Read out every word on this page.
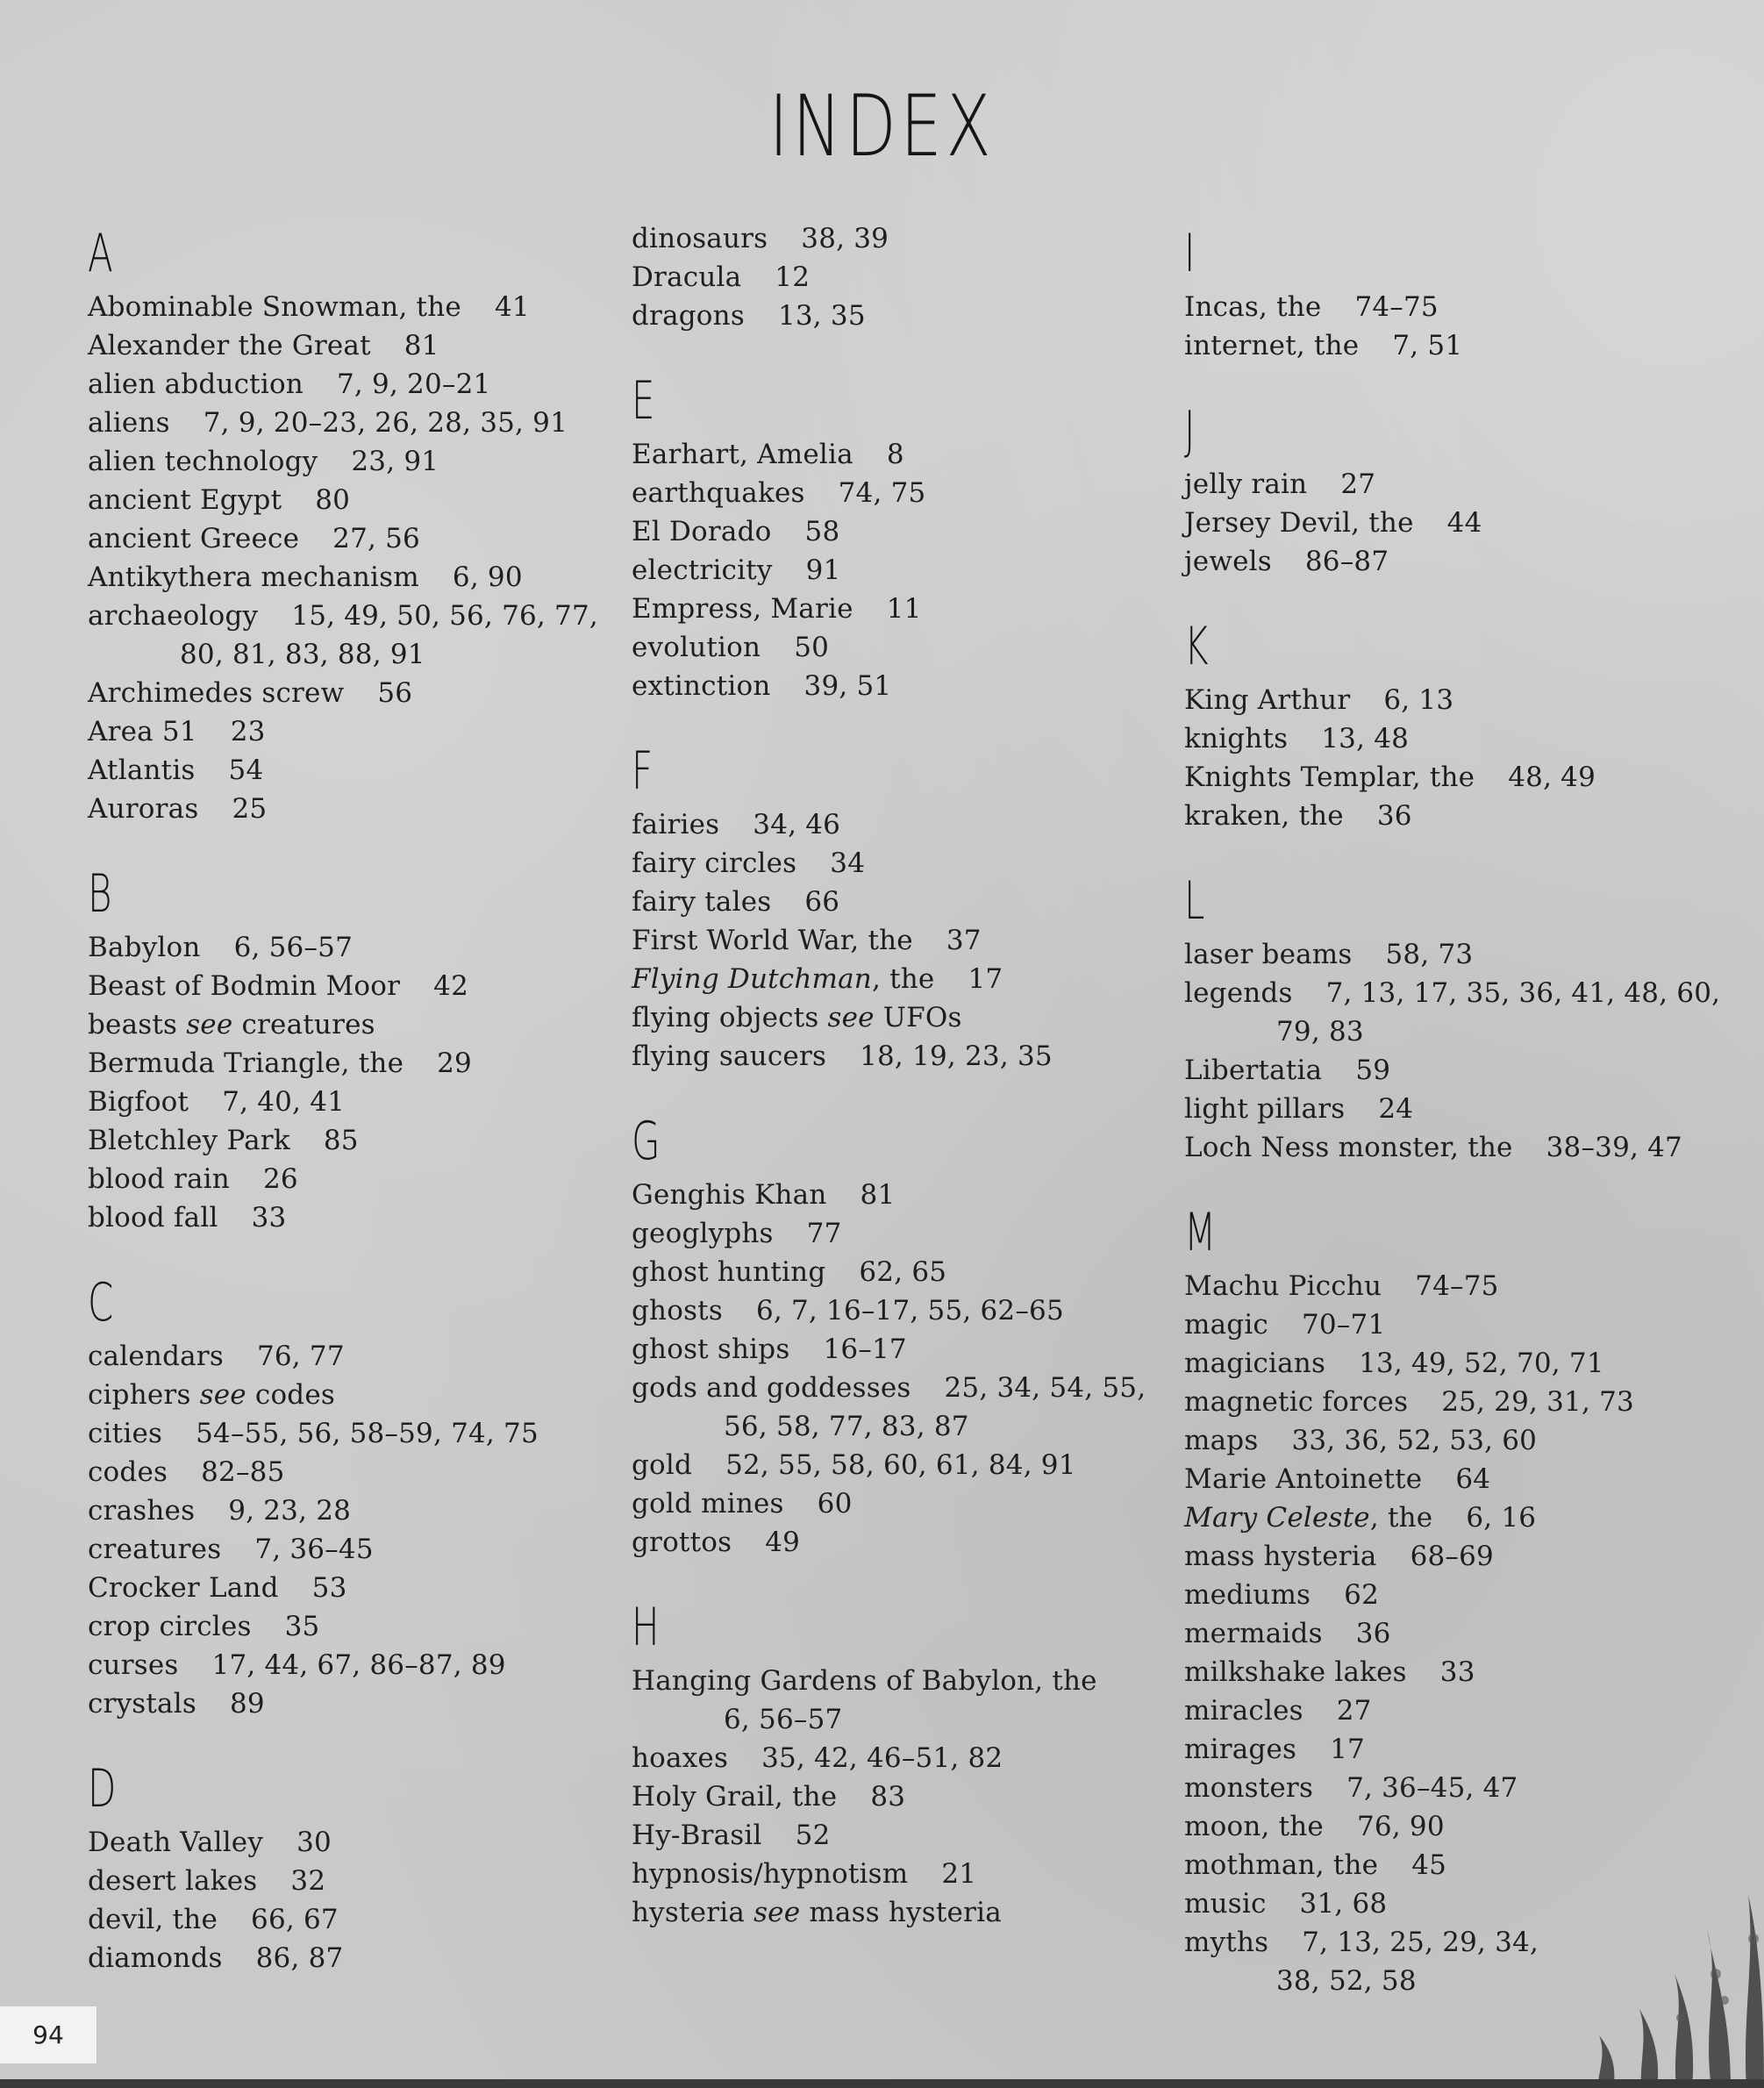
INDEX
A
Abominable Snowman, the 41
Alexander the Great 81
alien abduction 7, 9, 20–21
aliens 7, 9, 20–23, 26, 28, 35, 91
alien technology 23, 91
ancient Egypt 80
ancient Greece 27, 56
Antikythera mechanism 6, 90
archaeology 15, 49, 50, 56, 76, 77,
80, 81, 83, 88, 91
Archimedes screw 56
Area 51 23
Atlantis 54
Auroras 25
B
Babylon 6, 56–57
Beast of Bodmin Moor 42
beasts see creatures
Bermuda Triangle, the 29
Bigfoot 7, 40, 41
Bletchley Park 85
blood rain 26
blood fall 33
C
calendars 76, 77
ciphers see codes
cities 54–55, 56, 58–59, 74, 75
codes 82–85
crashes 9, 23, 28
creatures 7, 36–45
Crocker Land 53
crop circles 35
curses 17, 44, 67, 86–87, 89
crystals 89
D
Death Valley 30
desert lakes 32
devil, the 66, 67
diamonds 86, 87
dinosaurs 38, 39
Dracula 12
dragons 13, 35
E
Earhart, Amelia 8
earthquakes 74, 75
El Dorado 58
electricity 91
Empress, Marie 11
evolution 50
extinction 39, 51
F
fairies 34, 46
fairy circles 34
fairy tales 66
First World War, the 37
Flying Dutchman, the 17
flying objects see UFOs
flying saucers 18, 19, 23, 35
G
Genghis Khan 81
geoglyphs 77
ghost hunting 62, 65
ghosts 6, 7, 16–17, 55, 62–65
ghost ships 16–17
gods and goddesses 25, 34, 54, 55,
56, 58, 77, 83, 87
gold 52, 55, 58, 60, 61, 84, 91
gold mines 60
grottos 49
H
Hanging Gardens of Babylon, the
6, 56–57
hoaxes 35, 42, 46–51, 82
Holy Grail, the 83
Hy-Brasil 52
hypnosis/hypnotism 21
hysteria see mass hysteria
I
Incas, the 74–75
internet, the 7, 51
J
jelly rain 27
Jersey Devil, the 44
jewels 86–87
K
King Arthur 6, 13
knights 13, 48
Knights Templar, the 48, 49
kraken, the 36
L
laser beams 58, 73
legends 7, 13, 17, 35, 36, 41, 48, 60,
79, 83
Libertatia 59
light pillars 24
Loch Ness monster, the 38–39, 47
M
Machu Picchu 74–75
magic 70–71
magicians 13, 49, 52, 70, 71
magnetic forces 25, 29, 31, 73
maps 33, 36, 52, 53, 60
Marie Antoinette 64
Mary Celeste, the 6, 16
mass hysteria 68–69
mediums 62
mermaids 36
milkshake lakes 33
miracles 27
mirages 17
monsters 7, 36–45, 47
moon, the 76, 90
mothman, the 45
music 31, 68
myths 7, 13, 25, 29, 34,
38, 52, 58
94
